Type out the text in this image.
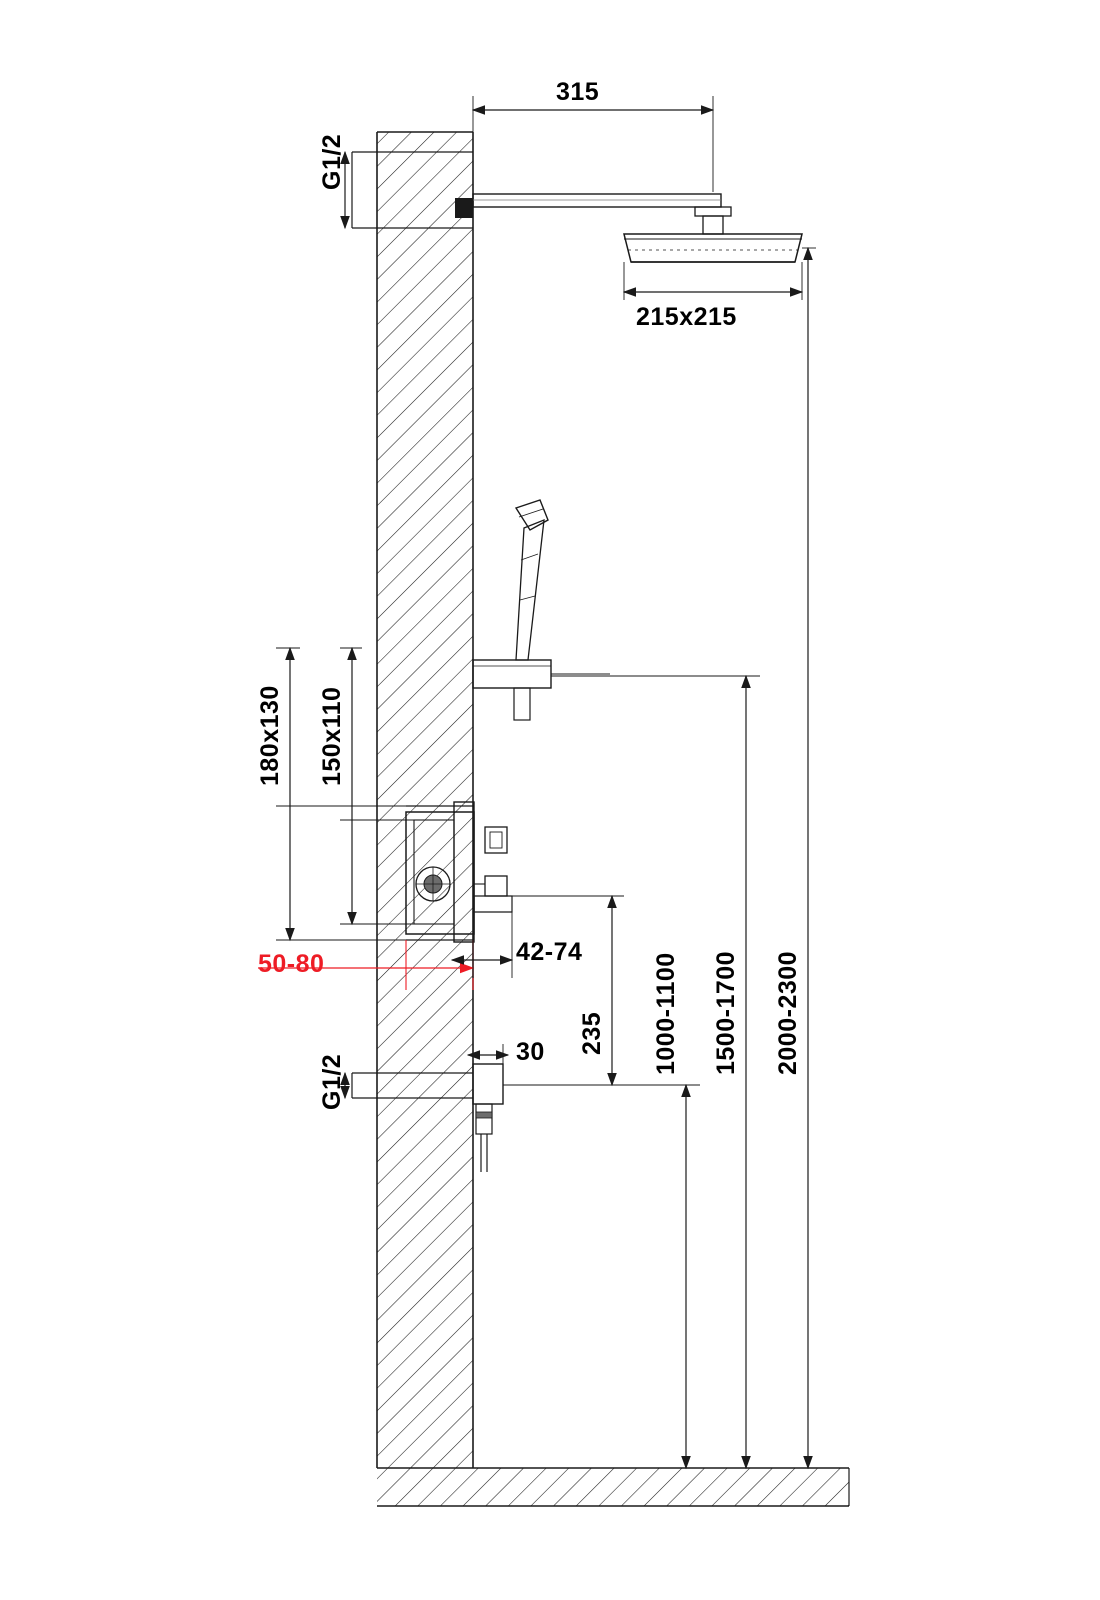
315
215x215
G1/2
180x130 150x110
50-80	42-74
30
G1/2
235 1000-1100 1500-1700 2000-2300
